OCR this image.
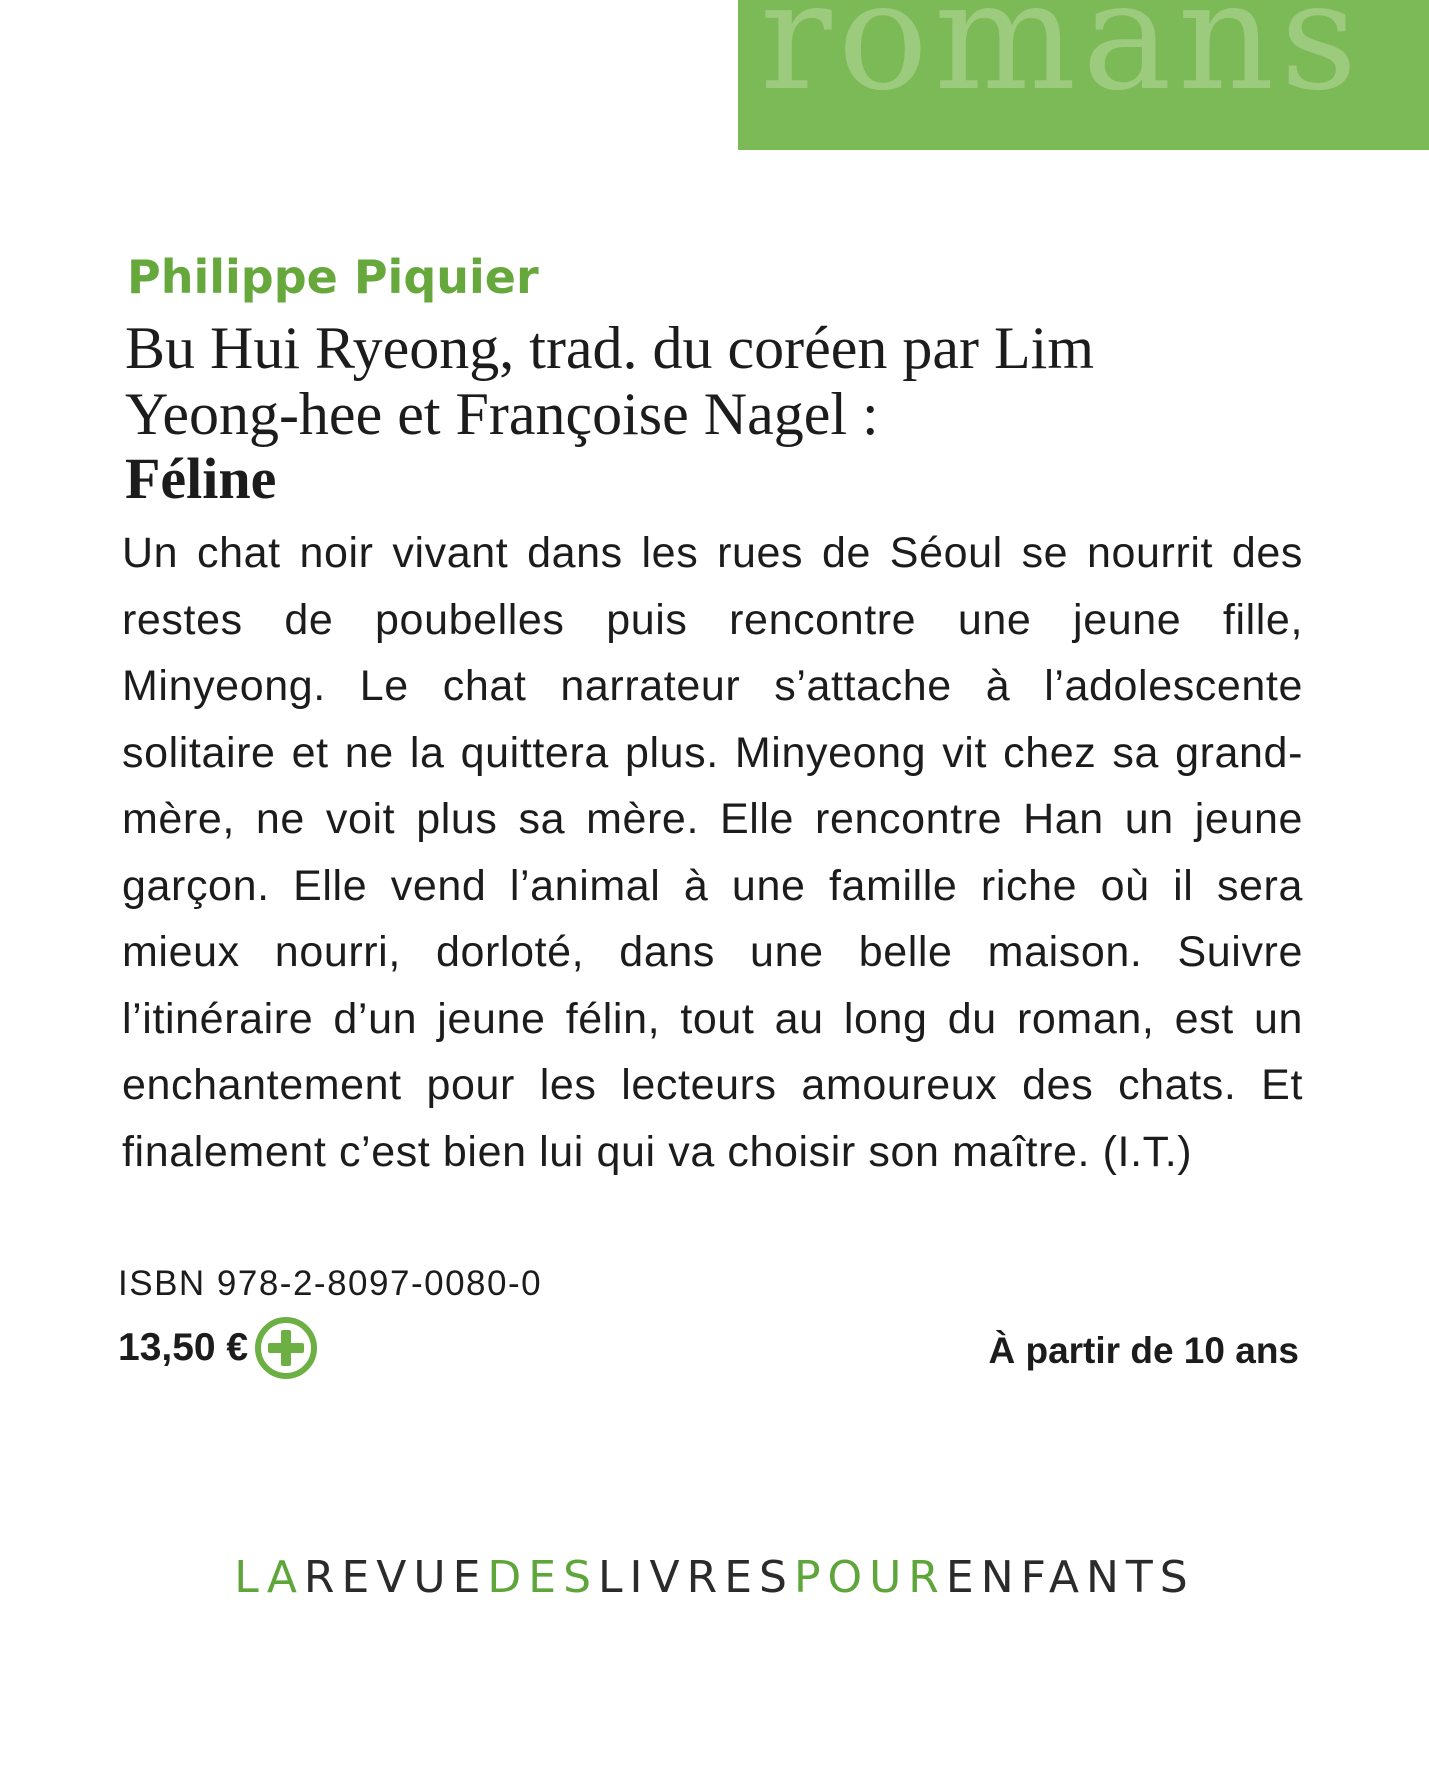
romans
Philippe Piquier
Bu Hui Ryeong, trad. du coréen par Lim Yeong-hee et Françoise Nagel :
Féline
Un chat noir vivant dans les rues de Séoul se nourrit des restes de poubelles puis rencontre une jeune fille, Minyeong. Le chat narrateur s’attache à l’adolescente solitaire et ne la quittera plus. Minyeong vit chez sa grand-mère, ne voit plus sa mère. Elle rencontre Han un jeune garçon. Elle vend l’animal à une famille riche où il sera mieux nourri, dorloté, dans une belle maison. Suivre l’itinéraire d’un jeune félin, tout au long du roman, est un enchantement pour les lecteurs amoureux des chats. Et finalement c’est bien lui qui va choisir son maître. (I.T.)
ISBN 978-2-8097-0080-0
13,50 €	À partir de 10 ans
LAREVUEDESLIVRESPOURENFANTS
